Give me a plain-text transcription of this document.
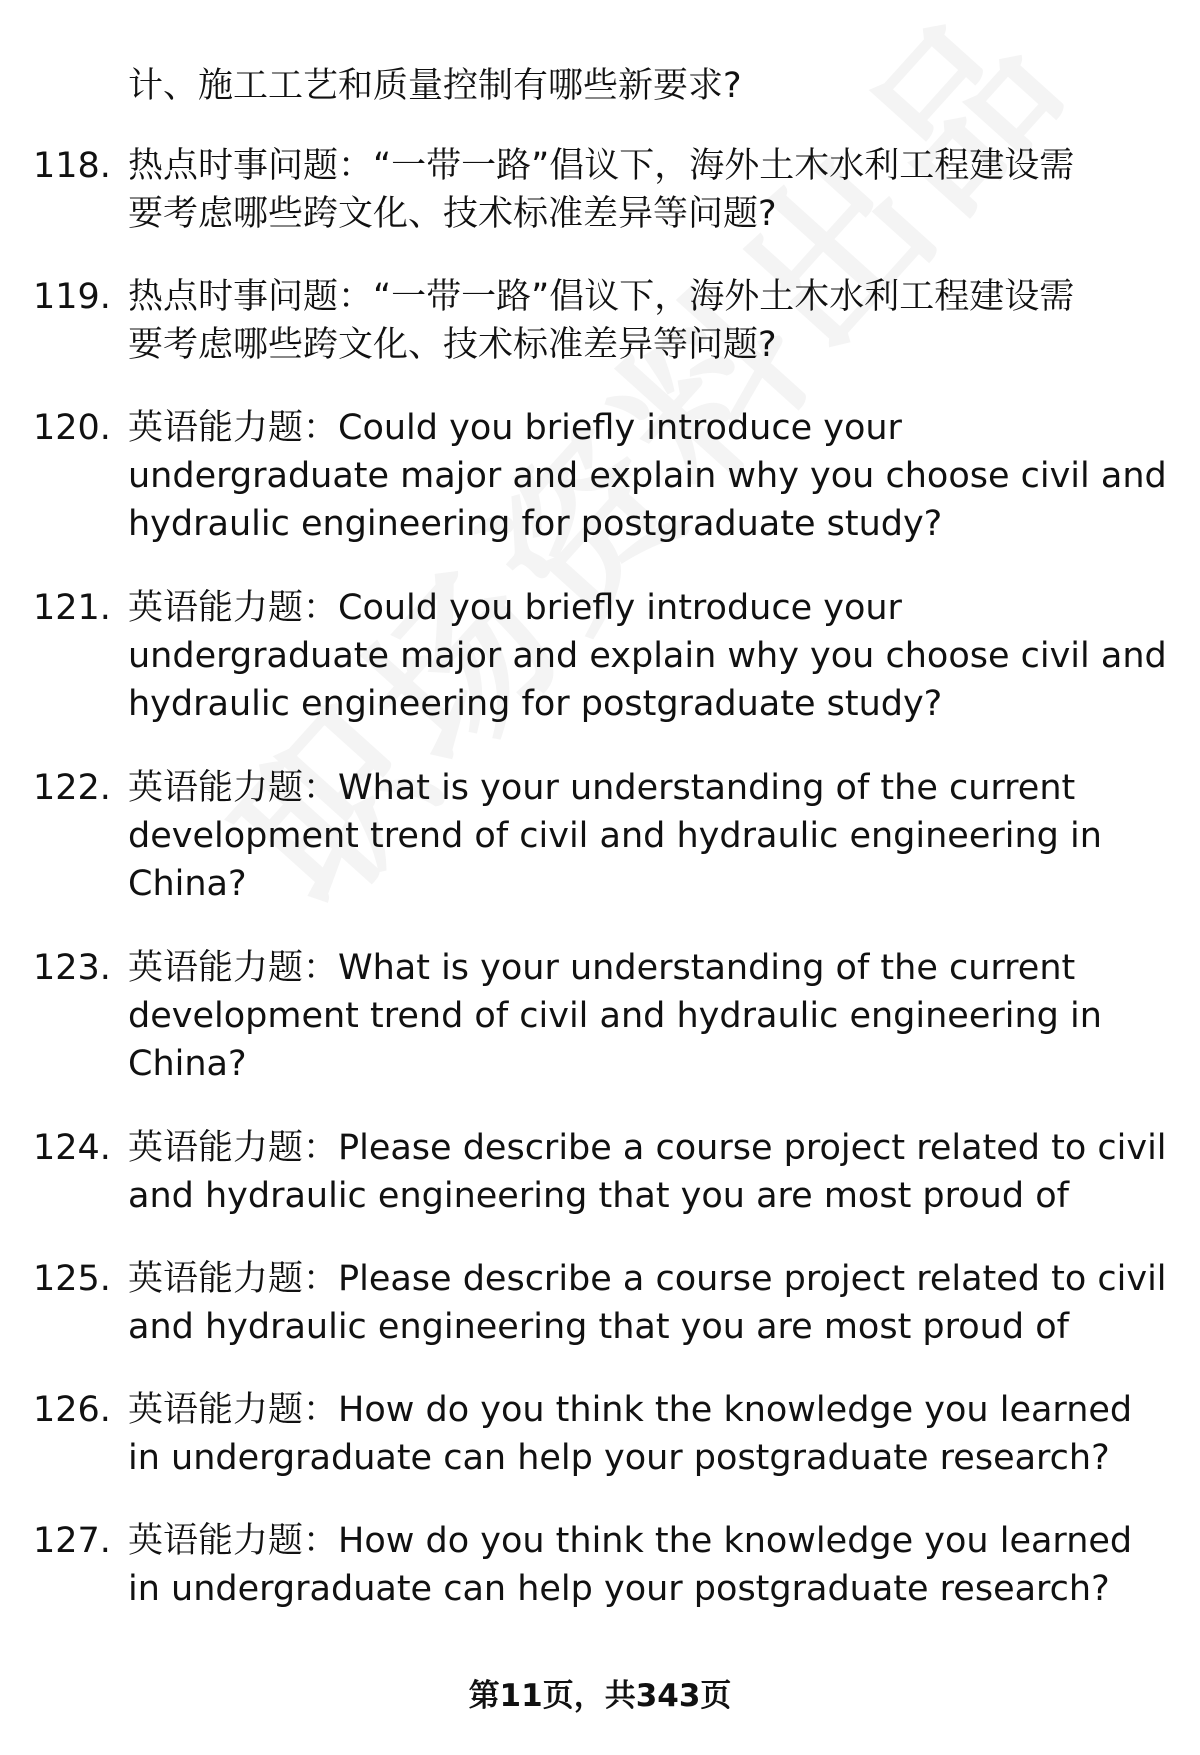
计、施工工艺和质量控制有哪些新要求?
118. 热点时事问题：“一带一路”倡议下，海外土木水利工程建设需
要考虑哪些跨文化、技术标准差异等问题?
119. 热点时事问题：“一带一路”倡议下，海外土木水利工程建设需
要考虑哪些跨文化、技术标准差异等问题?
120. 英语能力题：Could you briefly introduce your
undergraduate major and explain why you choose civil and
hydraulic engineering for postgraduate study?
121. 英语能力题：Could you briefly introduce your
undergraduate major and explain why you choose civil and
hydraulic engineering for postgraduate study?
122. 英语能力题：What is your understanding of the current
development trend of civil and hydraulic engineering in
China?
123. 英语能力题：What is your understanding of the current
development trend of civil and hydraulic engineering in
China?
124. 英语能力题：Please describe a course project related to civil
and hydraulic engineering that you are most proud of
125. 英语能力题：Please describe a course project related to civil
and hydraulic engineering that you are most proud of
126. 英语能力题：How do you think the knowledge you learned
in undergraduate can help your postgraduate research?
127. 英语能力题：How do you think the knowledge you learned
in undergraduate can help your postgraduate research?
第11页，共343页
